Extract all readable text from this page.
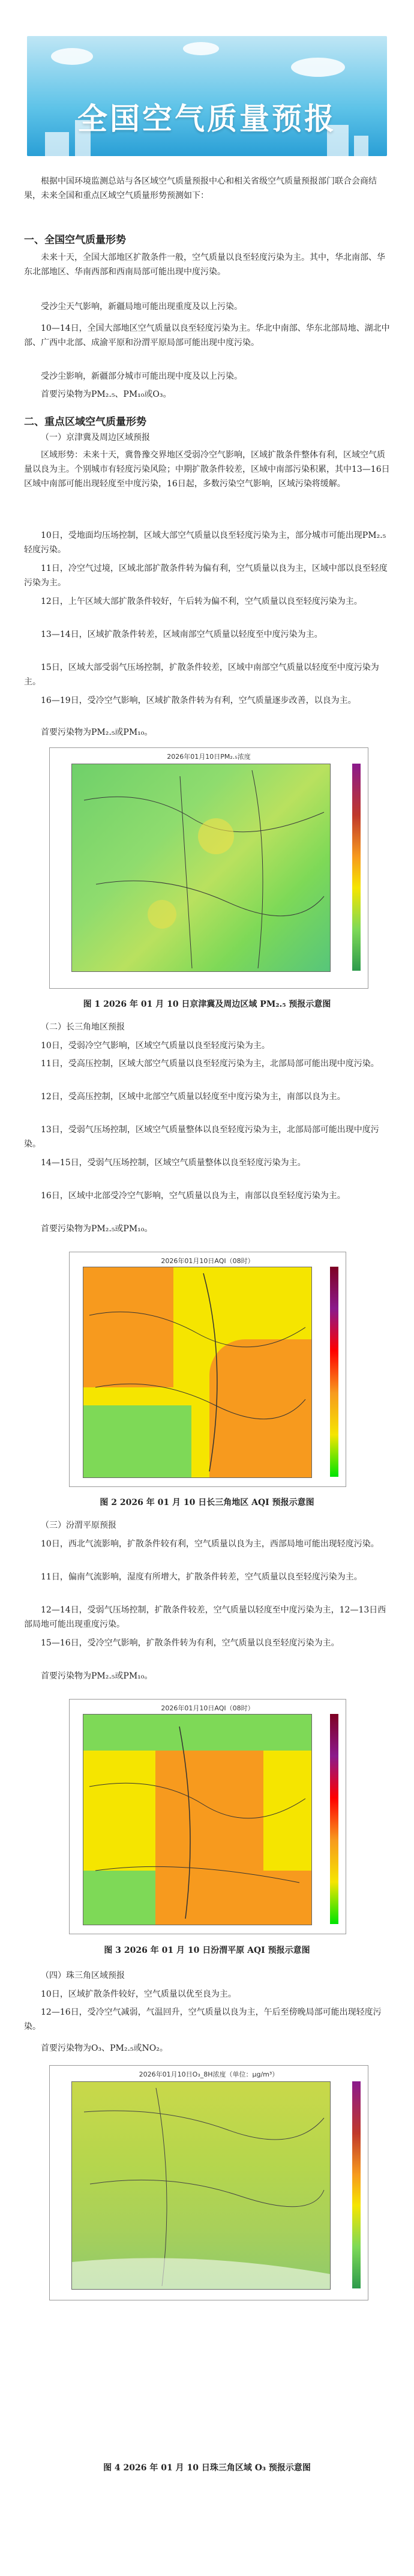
全国空气质量预报

根据中国环境监测总站与各区域空气质量预报中心和相关省级空气质量预报部门联合会商结果，未来全国和重点区域空气质量形势预测如下：

一、全国空气质量形势

未来十天，全国大部地区扩散条件一般，空气质量以良至轻度污染为主。其中，华北南部、华东北部地区、华南西部和西南局部可能出现中度污染。

受沙尘天气影响，新疆局地可能出现重度及以上污染。

10—14日，全国大部地区空气质量以良至轻度污染为主。华北中南部、华东北部局地、湖北中部、广西中北部、成渝平原和汾渭平原局部可能出现中度污染。

受沙尘影响，新疆部分城市可能出现中度及以上污染。

首要污染物为PM₂.₅、PM₁₀或O₃。

二、重点区域空气质量形势
（一）京津冀及周边区域预报

区域形势：未来十天，冀鲁豫交界地区受弱冷空气影响，区域扩散条件整体有利，区域空气质量以良为主。个别城市有轻度污染风险；中期扩散条件较差，区域中南部污染积累，其中13—16日区域中南部可能出现轻度至中度污染，16日起，多数污染空气影响，区域污染将缓解。

10日，受地面均压场控制，区域大部空气质量以良至轻度污染为主，部分城市可能出现PM₂.₅轻度污染。

11日，冷空气过境，区域北部扩散条件转为偏有利，空气质量以良为主，区域中部以良至轻度污染为主。

12日，上午区域大部扩散条件较好，午后转为偏不利，空气质量以良至轻度污染为主。

13—14日，区域扩散条件转差，区域南部空气质量以轻度至中度污染为主。

15日，区域大部受弱气压场控制，扩散条件较差，区域中南部空气质量以轻度至中度污染为主。

16—19日，受冷空气影响，区域扩散条件转为有利，空气质量逐步改善，以良为主。

首要污染物为PM₂.₅或PM₁₀。

2026年01月10日PM₂.₅浓度

图 1 2026 年 01 月 10 日京津冀及周边区域 PM₂.₅ 预报示意图

（二）长三角地区预报

10日，受弱冷空气影响，区域空气质量以良至轻度污染为主。

11日，受高压控制，区域大部空气质量以良至轻度污染为主，北部局部可能出现中度污染。

12日，受高压控制，区域中北部空气质量以轻度至中度污染为主，南部以良为主。

13日，受弱气压场控制，区域空气质量整体以良至轻度污染为主，北部局部可能出现中度污染。

14—15日，受弱气压场控制，区域空气质量整体以良至轻度污染为主。

16日，区域中北部受冷空气影响，空气质量以良为主，南部以良至轻度污染为主。

首要污染物为PM₂.₅或PM₁₀。

2026年01月10日AQI（08时）

图 2 2026 年 01 月 10 日长三角地区 AQI 预报示意图

（三）汾渭平原预报

10日，西北气流影响，扩散条件较有利，空气质量以良为主，西部局地可能出现轻度污染。

11日，偏南气流影响，湿度有所增大，扩散条件转差，空气质量以良至轻度污染为主。

12—14日，受弱气压场控制，扩散条件较差，空气质量以轻度至中度污染为主，12—13日西部局地可能出现重度污染。

15—16日，受冷空气影响，扩散条件转为有利，空气质量以良至轻度污染为主。

首要污染物为PM₂.₅或PM₁₀。

2026年01月10日AQI（08时）

图 3 2026 年 01 月 10 日汾渭平原 AQI 预报示意图

（四）珠三角区域预报

10日，区域扩散条件较好，空气质量以优至良为主。

12—16日，受冷空气减弱，气温回升，空气质量以良为主，午后至傍晚局部可能出现轻度污染。

首要污染物为O₃、PM₂.₅或NO₂。

2026年01月10日O₃_8H浓度（单位：μg/m³）

图 4 2026 年 01 月 10 日珠三角区域 O₃ 预报示意图
